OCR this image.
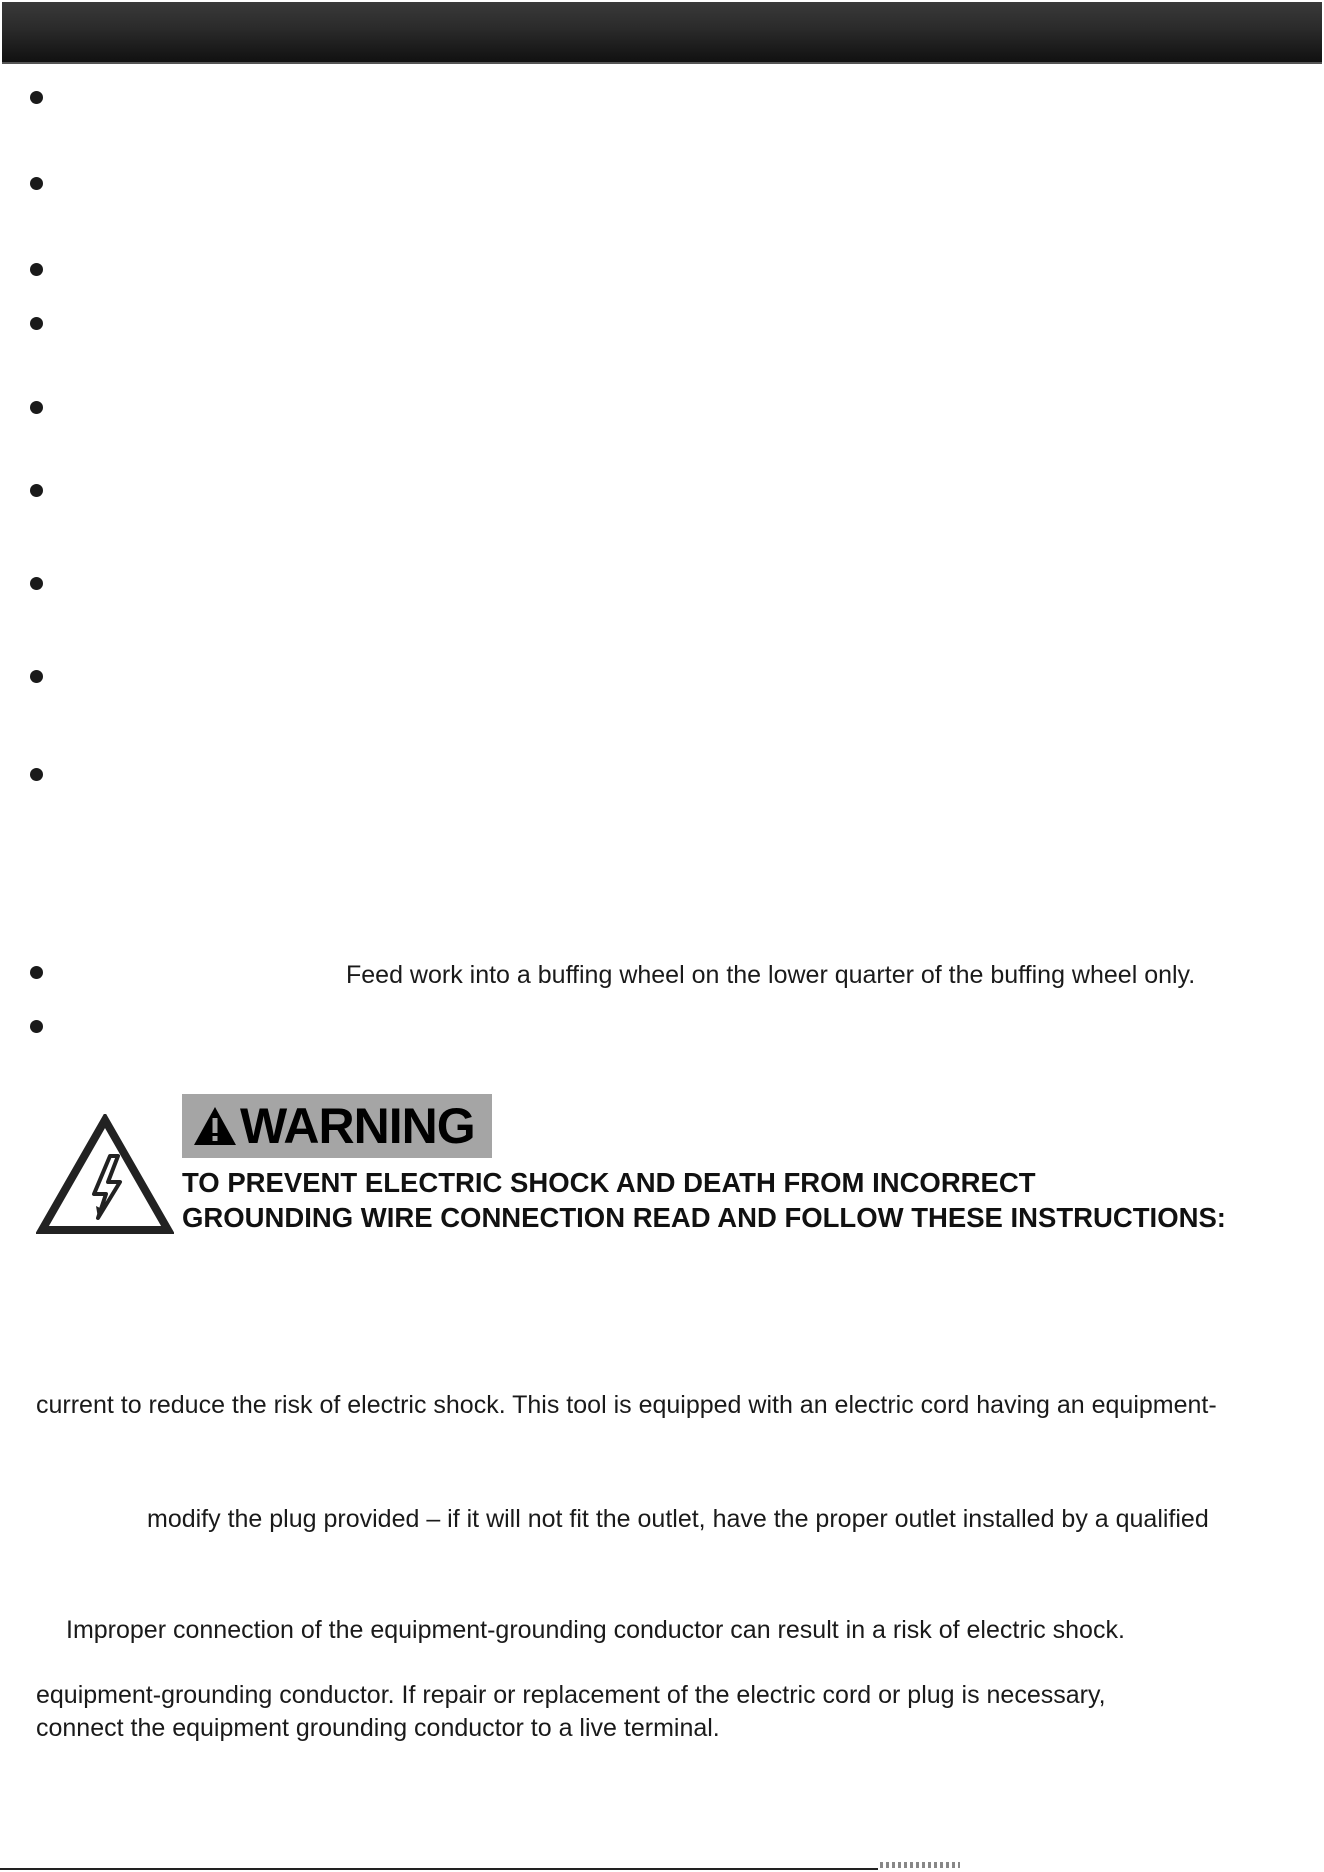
Feed work into a buffing wheel on the lower quarter of the buffing wheel only.
WARNING
TO PREVENT ELECTRIC SHOCK AND DEATH FROM INCORRECT
GROUNDING WIRE CONNECTION READ AND FOLLOW THESE INSTRUCTIONS:
current to reduce the risk of electric shock. This tool is equipped with an electric cord having an equipment-
modify the plug provided – if it will not fit the outlet, have the proper outlet installed by a qualified
Improper connection of the equipment-grounding conductor can result in a risk of electric shock.
equipment-grounding conductor. If repair or replacement of the electric cord or plug is necessary,
connect the equipment grounding conductor to a live terminal.
